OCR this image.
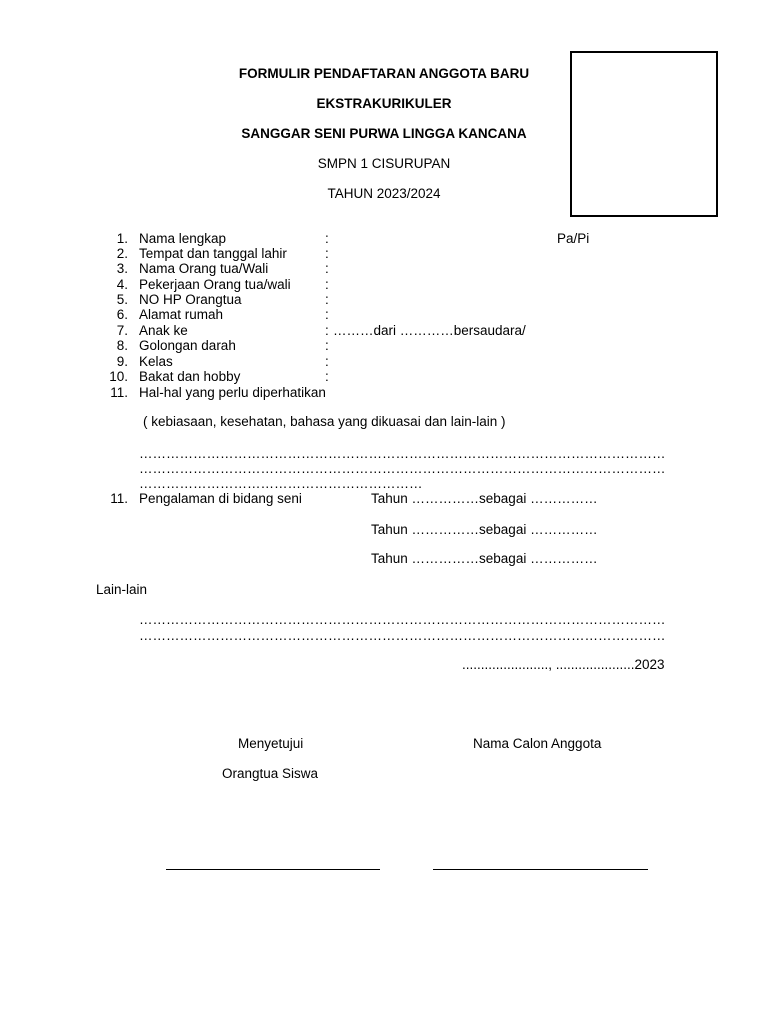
FORMULIR PENDAFTARAN ANGGOTA BARU
EKSTRAKURIKULER
SANGGAR SENI PURWA LINGGA KANCANA
SMPN 1 CISURUPAN
TAHUN 2023/2024
1. Nama lengkap	:	Pa/Pi
2. Tempat dan tanggal lahir	:
3. Nama Orang tua/Wali	:
4. Pekerjaan Orang tua/wali	:
5. NO HP Orangtua	:
6. Alamat rumah	:
7. Anak ke	: ………dari …………bersaudara/
8. Golongan darah	:
9. Kelas	:
10. Bakat dan hobby	:
11. Hal-hal yang perlu diperhatikan
( kebiasaan, kesehatan, bahasa yang dikuasai dan lain-lain )
………………………………………………………………………………………………………
………………………………………………………………………………………………………
………………………………………………………
11. Pengalaman di bidang seni	Tahun ……………sebagai ……………
Tahun ……………sebagai ……………
Tahun ……………sebagai ……………
Lain-lain
………………………………………………………………………………………………………
………………………………………………………………………………………………………
......................., .....................2023
Menyetujui
Orangtua Siswa
Nama Calon Anggota
